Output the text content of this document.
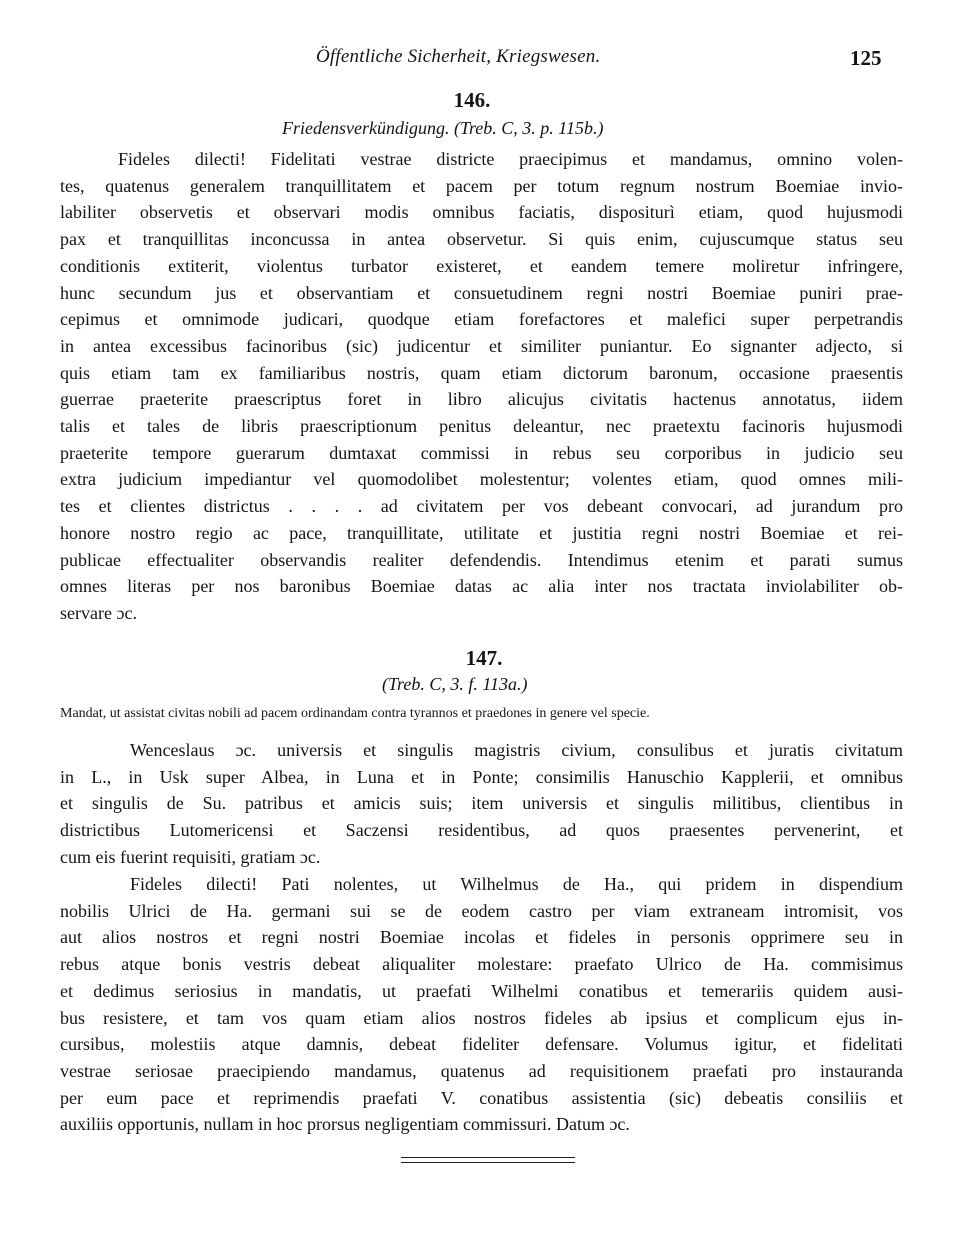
Öffentliche Sicherheit, Kriegswesen.	125
146.
Friedensverkündigung. (Treb. C, 3. p. 115b.)
Fideles dilecti! Fidelitati vestrae districte praecipimus et mandamus, omnino volen-
tes, quatenus generalem tranquillitatem et pacem per totum regnum nostrum Boemiae invio-
labiliter observetis et observari modis omnibus faciatis, dispositurì etiam, quod hujusmodi
pax et tranquillitas inconcussa in antea observetur. Si quis enim, cujuscumque status seu
conditionis extiterit, violentus turbator existeret, et eandem temere moliretur infringere,
hunc secundum jus et observantiam et consuetudinem regni nostri Boemiae puniri prae-
cepimus et omnimode judicari, quodque etiam forefactores et malefici super perpetrandis
in antea excessibus facinoribus (sic) judicentur et similiter puniantur. Eo signanter adjecto, si
quis etiam tam ex familiaribus nostris, quam etiam dictorum baronum, occasione praesentis
guerrae praeterite praescriptus foret in libro alicujus civitatis hactenus annotatus, iidem
talis et tales de libris praescriptionum penitus deleantur, nec praetextu facinoris hujusmodi
praeterite tempore guerarum dumtaxat commissi in rebus seu corporibus in judicio seu
extra judicium impediantur vel quomodolibet molestentur; volentes etiam, quod omnes mili-
tes et clientes districtus . . . . ad civitatem per vos debeant convocari, ad jurandum pro
honore nostro regio ac pace, tranquillitate, utilitate et justitia regni nostri Boemiae et rei-
publicae effectualiter observandis realiter defendendis. Intendimus etenim et parati sumus
omnes literas per nos baronibus Boemiae datas ac alia inter nos tractata inviolabiliter ob-
servare ɔc.
147.
(Treb. C, 3. f. 113a.)
Mandat, ut assistat civitas nobili ad pacem ordinandam contra tyrannos et praedones in genere vel specie.
Wenceslaus ɔc. universis et singulis magistris civium, consulibus et juratis civitatum
in L., in Usk super Albea, in Luna et in Ponte; consimilis Hanuschio Kapplerii, et omnibus
et singulis de Su. patribus et amicis suis; item universis et singulis militibus, clientibus in
districtibus Lutomericensi et Saczensi residentibus, ad quos praesentes pervenerint, et
cum eis fuerint requisiti, gratiam ɔc.
Fideles dilecti! Pati nolentes, ut Wilhelmus de Ha., qui pridem in dispendium
nobilis Ulrici de Ha. germani sui se de eodem castro per viam extraneam intromisit, vos
aut alios nostros et regni nostri Boemiae incolas et fideles in personis opprimere seu in
rebus atque bonis vestris debeat aliqualiter molestare: praefato Ulrico de Ha. commisimus
et dedimus seriosius in mandatis, ut praefati Wilhelmi conatibus et temerariis quidem ausi-
bus resistere, et tam vos quam etiam alios nostros fideles ab ipsius et complicum ejus in-
cursibus, molestiis atque damnis, debeat fideliter defensare. Volumus igitur, et fidelitati
vestrae seriosae praecipiendo mandamus, quatenus ad requisitionem praefati pro instauranda
per eum pace et reprimendis praefati V. conatibus assistentia (sic) debeatis consiliis et
auxiliis opportunis, nullam in hoc prorsus negligentiam commissuri. Datum ɔc.
